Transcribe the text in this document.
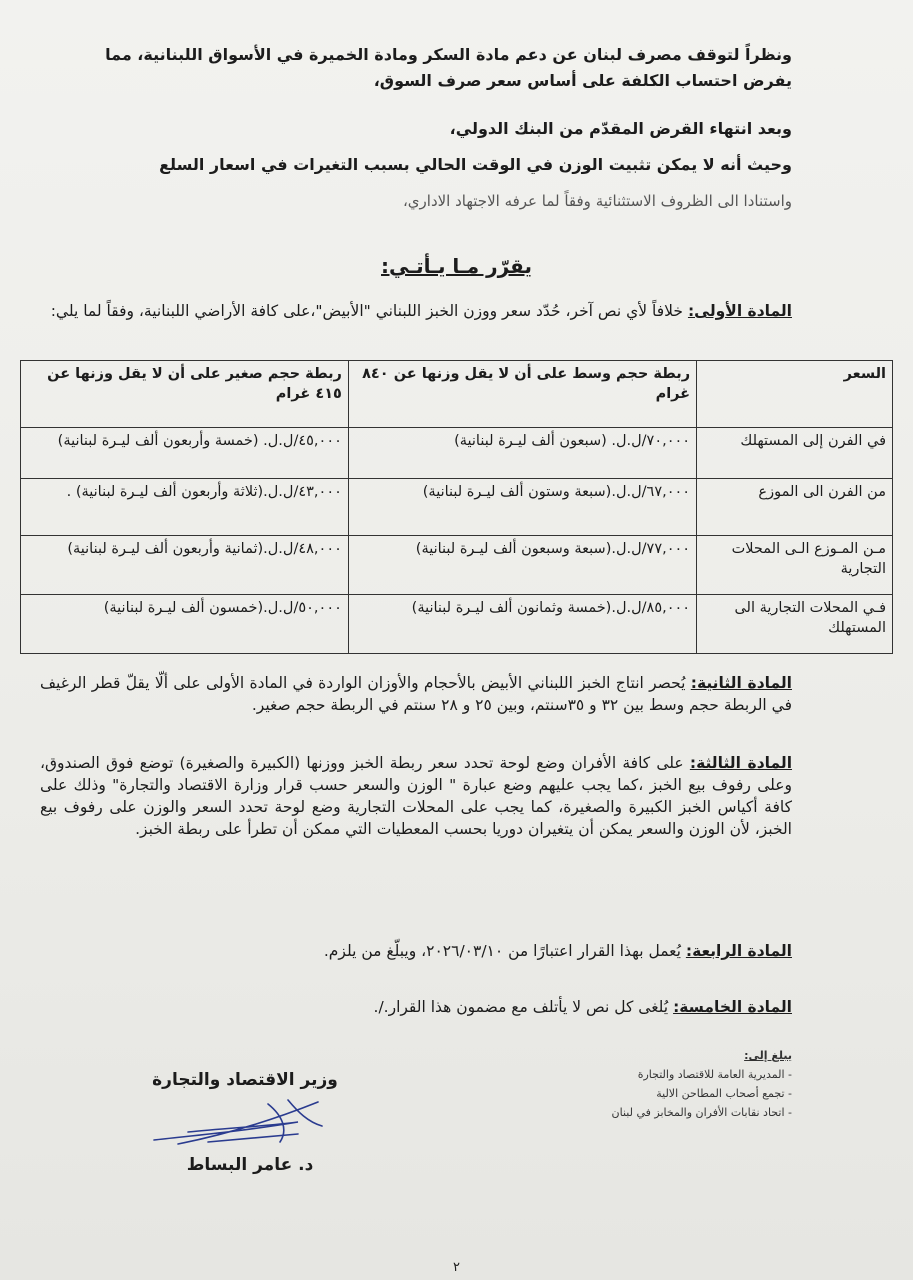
ونظراً لتوقف مصرف لبنان عن دعم مادة السكر ومادة الخميرة في الأسواق اللبنانية، مما يفرض احتساب الكلفة على أساس سعر صرف السوق،
وبعد انتهاء القرض المقدّم من البنك الدولي،
وحيث أنه لا يمكن تثبيت الوزن في الوقت الحالي بسبب التغيرات في اسعار السلع
واستنادا الى الظروف الاستثنائية وفقاً لما عرفه الاجتهاد الاداري،
يقرّر مـا يـأتـي:
المادة الأولى: خلافاً لأي نص آخر، حُدّد سعر ووزن الخبز اللبناني "الأبيض"،على كافة الأراضي اللبنانية، وفقاً لما يلي:
السعر	ربطة حجم وسط على أن لا يقل وزنها عن ٨٤٠ غرام	ربطة حجم صغير على أن لا يقل وزنها عن ٤١٥ غرام
في الفرن إلى المستهلك	٧٠,٠٠٠/ل.ل. (سبعون ألف ليـرة لبنانية)	٤٥,٠٠٠/ل.ل. (خمسة وأربعون ألف ليـرة لبنانية)
من الفرن الى الموزع	٦٧,٠٠٠/ل.ل.(سبعة وستون ألف ليـرة لبنانية)	٤٣,٠٠٠/ل.ل.(ثلاثة وأربعون ألف ليـرة لبنانية) .
مـن المـوزع الـى المحلات التجارية	٧٧,٠٠٠/ل.ل.(سبعة وسبعون ألف ليـرة لبنانية)	٤٨,٠٠٠/ل.ل.(ثمانية وأربعون ألف ليـرة لبنانية)
فـي المحلات التجارية الى المستهلك	٨٥,٠٠٠/ل.ل.(خمسة وثمانون ألف ليـرة لبنانية)	٥٠,٠٠٠/ل.ل.(خمسون ألف ليـرة لبنانية)
المادة الثانية: يُحصر انتاج الخبز اللبناني الأبيض بالأحجام والأوزان الواردة في المادة الأولى على ألّا يقلّ قطر الرغيف في الربطة حجم وسط بين ٣٢ و ٣٥سنتم، وبين ٢٥ و ٢٨ سنتم في الربطة حجم صغير.
المادة الثالثة: على كافة الأفران وضع لوحة تحدد سعر ربطة الخبز ووزنها (الكبيرة والصغيرة) توضع فوق الصندوق، وعلى رفوف بيع الخبز ،كما يجب عليهم وضع عبارة " الوزن والسعر حسب قرار وزارة الاقتصاد والتجارة" وذلك على كافة أكياس الخبز الكبيرة والصغيرة، كما يجب على المحلات التجارية وضع لوحة تحدد السعر والوزن على رفوف بيع الخبز، لأن الوزن والسعر يمكن أن يتغيران دوريا بحسب المعطيات التي ممكن أن تطرأ على ربطة الخبز.
المادة الرابعة: يُعمل بهذا القرار اعتبارًا من ٢٠٢٦/٠٣/١٠، ويبلّغ من يلزم.
المادة الخامسة: يُلغى كل نص لا يأتلف مع مضمون هذا القرار./.
يبلغ إلى:
- المديرية العامة للاقتصاد والتجارة
- تجمع أصحاب المطاحن الالية
- اتحاد نقابات الأفران والمخابز في لبنان
وزير الاقتصاد والتجارة
د. عامر البساط
٢
